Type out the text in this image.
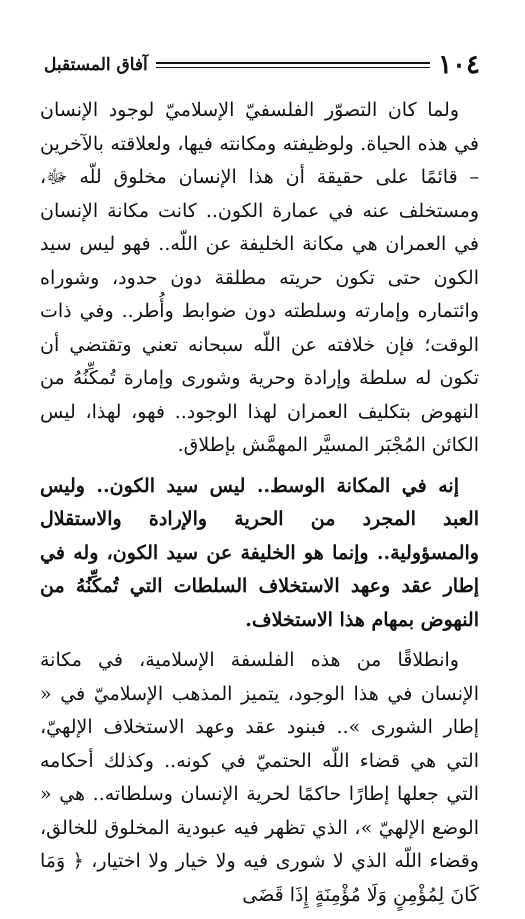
آفاق المستقبل	١٠٤

ولما كان التصوّر الفلسفيّ الإسلاميّ لوجود الإنسان في هذه الحياة. ولوظيفته ومكانته فيها، ولعلاقته بالآخرين – قائمًا على حقيقة أن هذا الإنسان مخلوق للّه ﷻ، ومستخلف عنه في عمارة الكون.. كانت مكانة الإنسان في العمران هي مكانة الخليفة عن اللّه.. فهو ليس سيد الكون حتى تكون حريته مطلقة دون حدود، وشوراه وائتماره وإمارته وسلطته دون ضوابط وأُطر.. وفي ذات الوقت؛ فإن خلافته عن اللّه سبحانه تعني وتقتضي أن تكون له سلطة وإرادة وحرية وشورى وإمارة تُمكِّنُهُ من النهوض بتكليف العمران لهذا الوجود.. فهو، لهذا، ليس الكائن المُجْبَر المسيَّر المهمَّش بإطلاق.

إنه في المكانة الوسط.. ليس سيد الكون.. وليس العبد المجرد من الحرية والإرادة والاستقلال والمسؤولية.. وإنما هو الخليفة عن سيد الكون، وله في إطار عقد وعهد الاستخلاف السلطات التي تُمكِّنُهُ من النهوض بمهام هذا الاستخلاف.

وانطلاقًا من هذه الفلسفة الإسلامية، في مكانة الإنسان في هذا الوجود، يتميز المذهب الإسلاميّ في « إطار الشورى ».. فبنود عقد وعهد الاستخلاف الإلهيّ، التي هي قضاء اللّه الحتميّ في كونه.. وكذلك أحكامه التي جعلها إطارًا حاكمًا لحرية الإنسان وسلطاته.. هي « الوضع الإلهيّ »، الذي تظهر فيه عبودية المخلوق للخالق، وقضاء اللّه الذي لا شورى فيه ولا خيار ولا اختيار، ﴿ وَمَا كَانَ لِمُؤْمِنٍ وَلَا مُؤْمِنَةٍ إِذَا قَضَى
